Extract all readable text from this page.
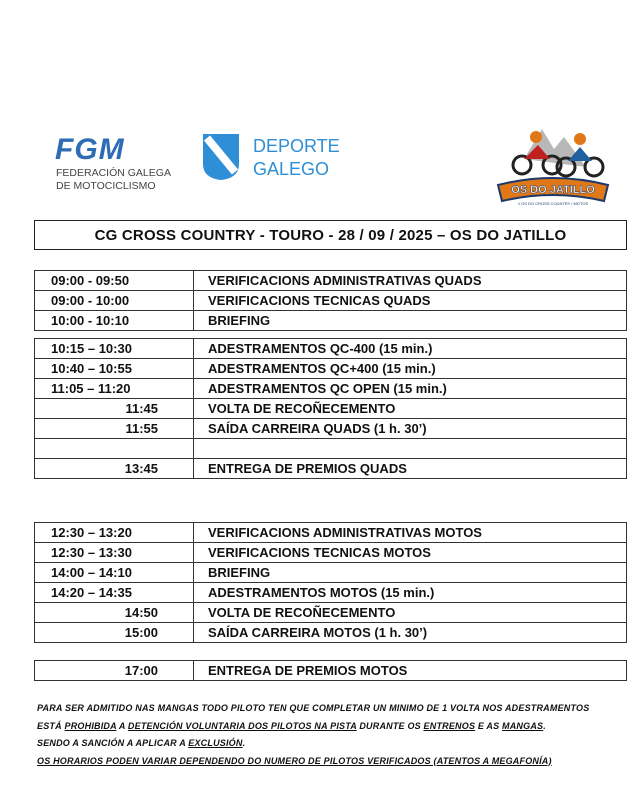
FGM
FEDERACIÓN GALEGA
DE MOTOCICLISMO
DEPORTE
GALEGO
OS DO JATILLO
1 OS DO CROSS COUNTRY / MOTOS
CG CROSS COUNTRY - TOURO - 28 / 09 / 2025 – OS DO JATILLO
09:00 - 09:50	VERIFICACIONS ADMINISTRATIVAS QUADS
09:00 - 10:00	VERIFICACIONS TECNICAS QUADS
10:00 - 10:10	BRIEFING
10:15 – 10:30	ADESTRAMENTOS QC-400 (15 min.)
10:40 – 10:55	ADESTRAMENTOS QC+400 (15 min.)
11:05 – 11:20	ADESTRAMENTOS QC OPEN (15 min.)
11:45	VOLTA DE RECOÑECEMENTO
11:55	SAÍDA CARREIRA QUADS (1 h. 30’)

13:45	ENTREGA DE PREMIOS QUADS
12:30 – 13:20	VERIFICACIONS ADMINISTRATIVAS MOTOS
12:30 – 13:30	VERIFICACIONS TECNICAS MOTOS
14:00 – 14:10	BRIEFING
14:20 – 14:35	ADESTRAMENTOS MOTOS (15 min.)
14:50	VOLTA DE RECOÑECEMENTO
15:00	SAÍDA CARREIRA MOTOS (1 h. 30’)
17:00	ENTREGA DE PREMIOS MOTOS
PARA SER ADMITIDO NAS MANGAS TODO PILOTO TEN QUE COMPLETAR UN MINIMO DE 1 VOLTA NOS ADESTRAMENTOS
ESTÁ PROHIBIDA A DETENCIÓN VOLUNTARIA DOS PILOTOS NA PISTA DURANTE OS ENTRENOS E AS MANGAS.
SENDO A SANCIÓN A APLICAR A EXCLUSIÓN.
OS HORARIOS PODEN VARIAR DEPENDENDO DO NUMERO DE PILOTOS VERIFICADOS (ATENTOS A MEGAFONÍA)
